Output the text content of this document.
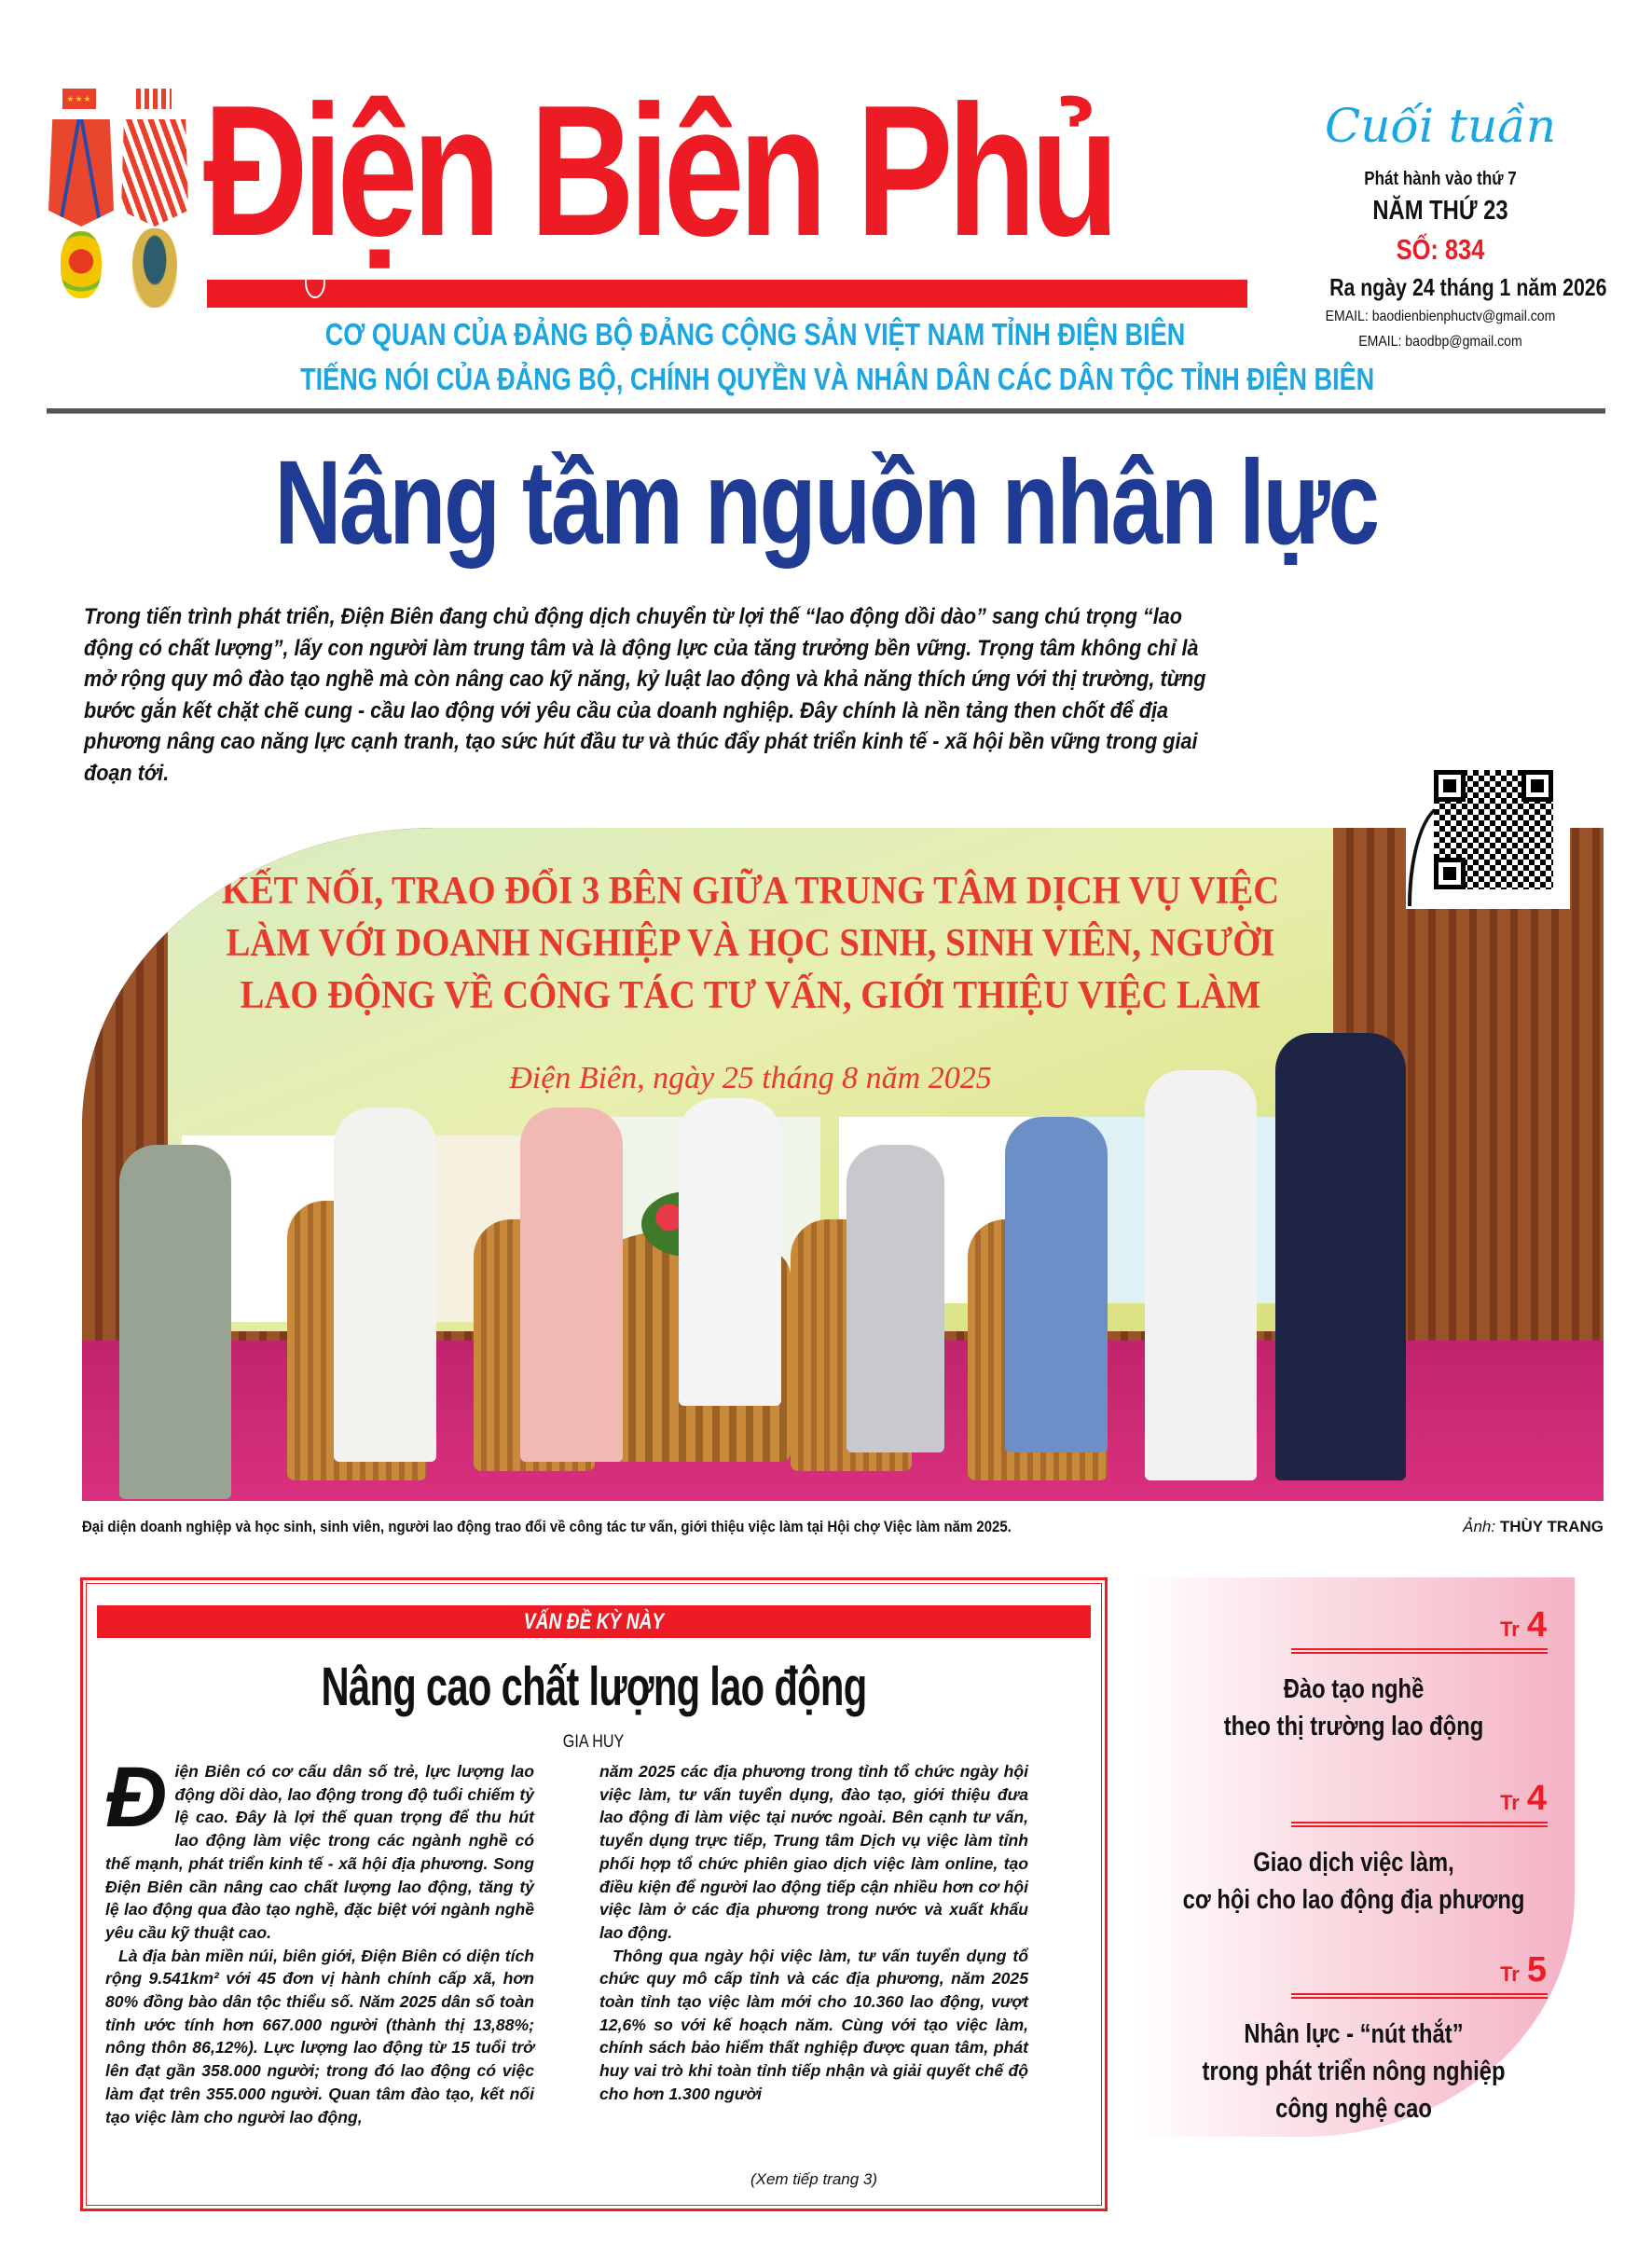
★★★ Điện Biên Phủ
CƠ QUAN CỦA ĐẢNG BỘ ĐẢNG CỘNG SẢN VIỆT NAM TỈNH ĐIỆN BIÊN
TIẾNG NÓI CỦA ĐẢNG BỘ, CHÍNH QUYỀN VÀ NHÂN DÂN CÁC DÂN TỘC TỈNH ĐIỆN BIÊN
Cuối tuần
Phát hành vào thứ 7
NĂM THỨ 23
SỐ: 834
Ra ngày 24 tháng 1 năm 2026
EMAIL: baodienbienphuctv@gmail.com
EMAIL: baodbp@gmail.com
Nâng tầm nguồn nhân lực
Trong tiến trình phát triển, Điện Biên đang chủ động dịch chuyển từ lợi thế “lao động dồi dào” sang chú trọng “lao động có chất lượng”, lấy con người làm trung tâm và là động lực của tăng trưởng bền vững. Trọng tâm không chỉ là mở rộng quy mô đào tạo nghề mà còn nâng cao kỹ năng, kỷ luật lao động và khả năng thích ứng với thị trường, từng bước gắn kết chặt chẽ cung - cầu lao động với yêu cầu của doanh nghiệp. Đây chính là nền tảng then chốt để địa phương nâng cao năng lực cạnh tranh, tạo sức hút đầu tư và thúc đẩy phát triển kinh tế - xã hội bền vững trong giai đoạn tới.
KẾT NỐI, TRAO ĐỔI 3 BÊN GIỮA TRUNG TÂM DỊCH VỤ VIỆC
LÀM VỚI DOANH NGHIỆP VÀ HỌC SINH, SINH VIÊN, NGƯỜI
LAO ĐỘNG VỀ CÔNG TÁC TƯ VẤN, GIỚI THIỆU VIỆC LÀM
Điện Biên, ngày 25 tháng 8 năm 2025
Đại diện doanh nghiệp và học sinh, sinh viên, người lao động trao đổi về công tác tư vấn, giới thiệu việc làm tại Hội chợ Việc làm năm 2025.	Ảnh: THÙY TRANG
VẤN ĐỀ KỲ NÀY
Nâng cao chất lượng lao động
GIA HUY

Điện Biên có cơ cấu dân số trẻ, lực lượng lao động dồi dào, lao động trong độ tuổi chiếm tỷ lệ cao. Đây là lợi thế quan trọng để thu hút lao động làm việc trong các ngành nghề có thế mạnh, phát triển kinh tế - xã hội địa phương. Song Điện Biên cần nâng cao chất lượng lao động, tăng tỷ lệ lao động qua đào tạo nghề, đặc biệt với ngành nghề yêu cầu kỹ thuật cao.

Là địa bàn miền núi, biên giới, Điện Biên có diện tích rộng 9.541km² với 45 đơn vị hành chính cấp xã, hơn 80% đồng bào dân tộc thiểu số. Năm 2025 dân số toàn tỉnh ước tính hơn 667.000 người (thành thị 13,88%; nông thôn 86,12%). Lực lượng lao động từ 15 tuổi trở lên đạt gần 358.000 người; trong đó lao động có việc làm đạt trên 355.000 người. Quan tâm đào tạo, kết nối tạo việc làm cho người lao động,

năm 2025 các địa phương trong tỉnh tổ chức ngày hội việc làm, tư vấn tuyển dụng, đào tạo, giới thiệu đưa lao động đi làm việc tại nước ngoài. Bên cạnh tư vấn, tuyển dụng trực tiếp, Trung tâm Dịch vụ việc làm tỉnh phối hợp tổ chức phiên giao dịch việc làm online, tạo điều kiện để người lao động tiếp cận nhiều hơn cơ hội việc làm ở các địa phương trong nước và xuất khẩu lao động.

Thông qua ngày hội việc làm, tư vấn tuyển dụng tổ chức quy mô cấp tỉnh và các địa phương, năm 2025 toàn tỉnh tạo việc làm mới cho 10.360 lao động, vượt 12,6% so với kế hoạch năm. Cùng với tạo việc làm, chính sách bảo hiểm thất nghiệp được quan tâm, phát huy vai trò khi toàn tỉnh tiếp nhận và giải quyết chế độ cho hơn 1.300 người

(Xem tiếp trang 3)
Tr 4
Đào tạo nghề
theo thị trường lao động
Tr 4
Giao dịch việc làm,
cơ hội cho lao động địa phương
Tr 5
Nhân lực - “nút thắt”
trong phát triển nông nghiệp
công nghệ cao
